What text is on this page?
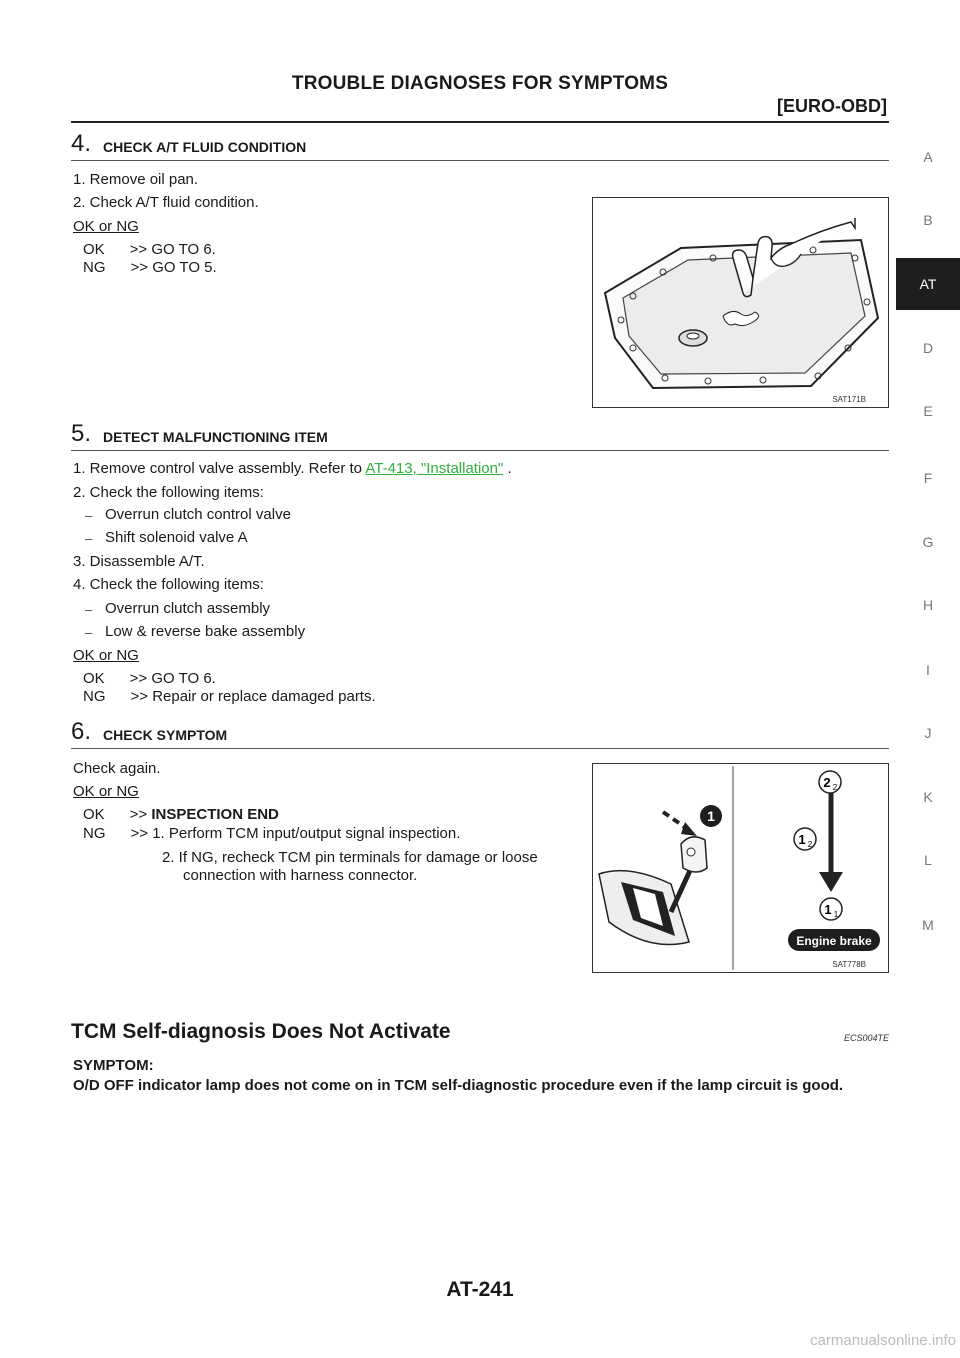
TROUBLE DIAGNOSES FOR SYMPTOMS
[EURO-OBD]
A
B
AT
D
E
F
G
H
I
J
K
L
M
4. CHECK A/T FLUID CONDITION
1. Remove oil pan.
2. Check A/T fluid condition.
OK or NG
OK      >> GO TO 6.
NG      >> GO TO 5.
SAT171B
5. DETECT MALFUNCTIONING ITEM
1. Remove control valve assembly. Refer to AT-413, "Installation" .
2. Check the following items:
– Overrun clutch control valve
– Shift solenoid valve A
3. Disassemble A/T.
4. Check the following items:
– Overrun clutch assembly
– Low & reverse bake assembly
OK or NG
OK      >> GO TO 6.
NG      >> Repair or replace damaged parts.
6. CHECK SYMPTOM
Check again.
OK or NG
OK      >> INSPECTION END
NG      >> 1. Perform TCM input/output signal inspection.
2. If NG, recheck TCM pin terminals for damage or loose
connection with harness connector.
1
2 2
1 2
1 1
Engine brake
SAT778B
TCM Self-diagnosis Does Not Activate	ECS004TE
SYMPTOM:
O/D OFF indicator lamp does not come on in TCM self-diagnostic procedure even if the lamp circuit is good.
AT-241
carmanualsonline.info
